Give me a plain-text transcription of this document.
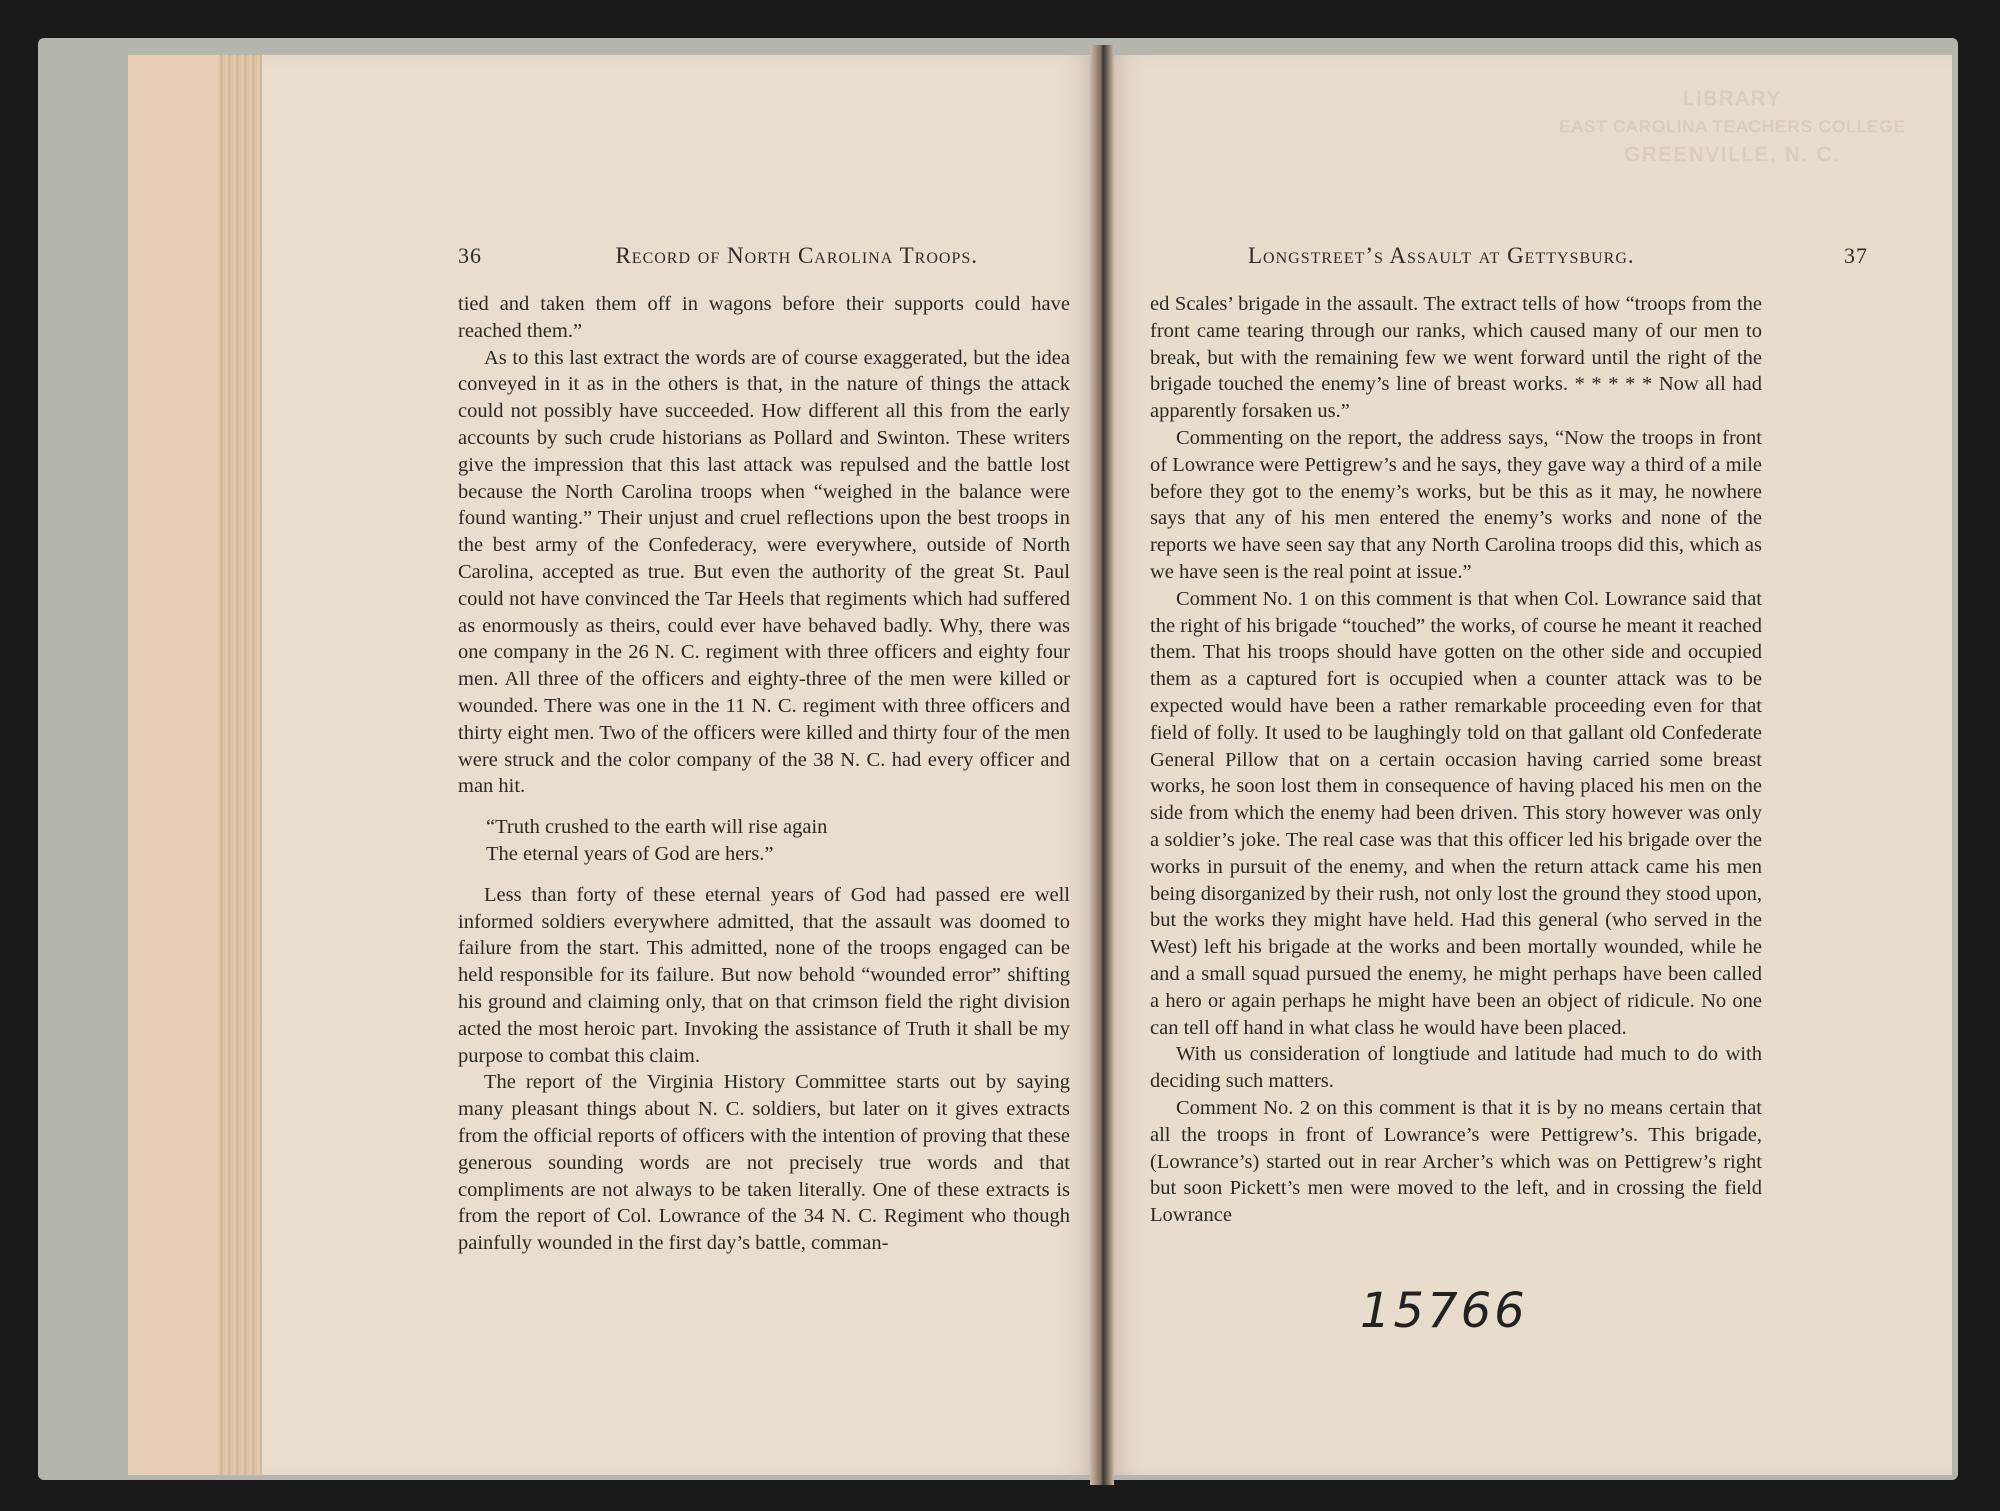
36	Record of North Carolina Troops.

tied and taken them off in wagons before their supports could have reached them.”

As to this last extract the words are of course exaggerated, but the idea conveyed in it as in the others is that, in the nature of things the attack could not possibly have succeeded. How different all this from the early accounts by such crude historians as Pollard and Swinton. These writers give the impression that this last attack was repulsed and the battle lost because the North Carolina troops when “weighed in the balance were found wanting.” Their unjust and cruel reflections upon the best troops in the best army of the Confederacy, were everywhere, outside of North Carolina, accepted as true. But even the authority of the great St. Paul could not have convinced the Tar Heels that regiments which had suffered as enormously as theirs, could ever have behaved badly. Why, there was one company in the 26 N. C. regiment with three officers and eighty four men. All three of the officers and eighty-three of the men were killed or wounded. There was one in the 11 N. C. regiment with three officers and thirty eight men. Two of the officers were killed and thirty four of the men were struck and the color company of the 38 N. C. had every officer and man hit.

“Truth crushed to the earth will rise again
The eternal years of God are hers.”

Less than forty of these eternal years of God had passed ere well informed soldiers everywhere admitted, that the assault was doomed to failure from the start. This admitted, none of the troops engaged can be held responsible for its failure. But now behold “wounded error” shifting his ground and claiming only, that on that crimson field the right division acted the most heroic part. Invoking the assistance of Truth it shall be my purpose to combat this claim.

The report of the Virginia History Committee starts out by saying many pleasant things about N. C. soldiers, but later on it gives extracts from the official reports of officers with the intention of proving that these generous sounding words are not precisely true words and that compliments are not always to be taken literally. One of these extracts is from the report of Col. Lowrance of the 34 N. C. Regiment who though painfully wounded in the first day’s battle, comman-

LIBRARY
EAST CAROLINA TEACHERS COLLEGE
GREENVILLE, N. C.
Longstreet’s Assault at Gettysburg.	37

ed Scales’ brigade in the assault. The extract tells of how “troops from the front came tearing through our ranks, which caused many of our men to break, but with the remaining few we went forward until the right of the brigade touched the enemy’s line of breast works. * * * * * Now all had apparently forsaken us.”

Commenting on the report, the address says, “Now the troops in front of Lowrance were Pettigrew’s and he says, they gave way a third of a mile before they got to the enemy’s works, but be this as it may, he nowhere says that any of his men entered the enemy’s works and none of the reports we have seen say that any North Carolina troops did this, which as we have seen is the real point at issue.”

Comment No. 1 on this comment is that when Col. Lowrance said that the right of his brigade “touched” the works, of course he meant it reached them. That his troops should have gotten on the other side and occupied them as a captured fort is occupied when a counter attack was to be expected would have been a rather remarkable proceeding even for that field of folly. It used to be laughingly told on that gallant old Confederate General Pillow that on a certain occasion having carried some breast works, he soon lost them in consequence of having placed his men on the side from which the enemy had been driven. This story however was only a soldier’s joke. The real case was that this officer led his brigade over the works in pursuit of the enemy, and when the return attack came his men being disorganized by their rush, not only lost the ground they stood upon, but the works they might have held. Had this general (who served in the West) left his brigade at the works and been mortally wounded, while he and a small squad pursued the enemy, he might perhaps have been called a hero or again perhaps he might have been an object of ridicule. No one can tell off hand in what class he would have been placed.

With us consideration of longtiude and latitude had much to do with deciding such matters.

Comment No. 2 on this comment is that it is by no means certain that all the troops in front of Lowrance’s were Pettigrew’s. This brigade, (Lowrance’s) started out in rear Archer’s which was on Pettigrew’s right but soon Pickett’s men were moved to the left, and in crossing the field Lowrance

15766
